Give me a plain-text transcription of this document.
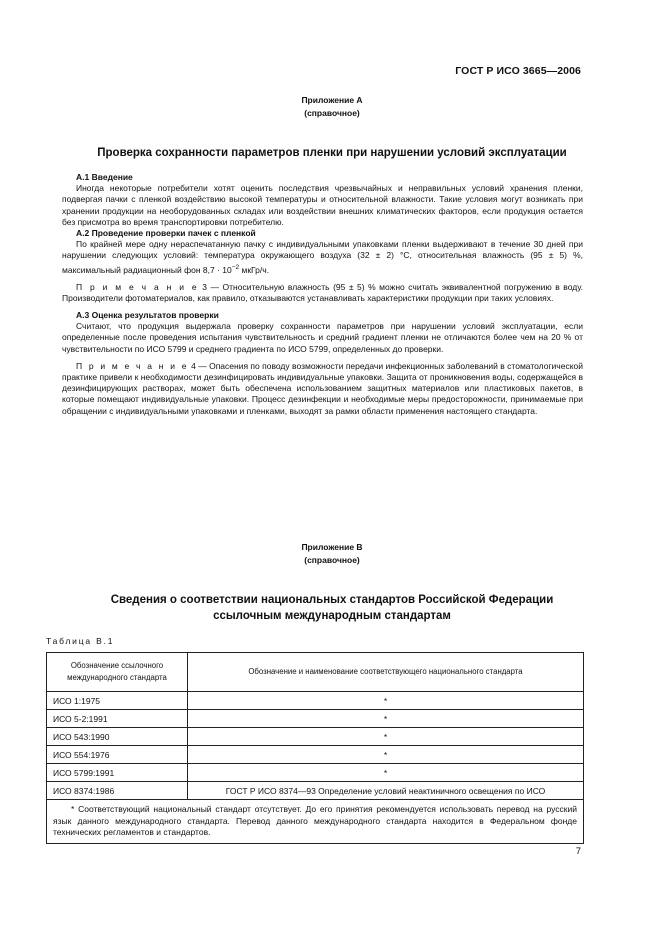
ГОСТ Р ИСО 3665—2006
Приложение А
(справочное)
Проверка сохранности параметров пленки при нарушении условий эксплуатации
А.1 Введение

Иногда некоторые потребители хотят оценить последствия чрезвычайных и неправильных условий хранения пленки, подвергая пачки с пленкой воздействию высокой температуры и относительной влажности. Такие условия могут возникать при хранении продукции на необорудованных складах или воздействии внешних климатических факторов, если продукция остается без присмотра во время транспортировки потребителю.

А.2 Проведение проверки пачек с пленкой

По крайней мере одну нераспечатанную пачку с индивидуальными упаковками пленки выдерживают в течение 30 дней при нарушении следующих условий: температура окружающего воздуха (32 ± 2) °С, относительная влажность (95 ± 5) %, максимальный радиационный фон $8,7 \cdot 10^{-2}$ мкГр/ч.

П р и м е ч а н и е 3 — Относительную влажность (95 ± 5) % можно считать эквивалентной погружению в воду. Производители фотоматериалов, как правило, отказываются устанавливать характеристики продукции при таких условиях.

А.3 Оценка результатов проверки

Считают, что продукция выдержала проверку сохранности параметров при нарушении условий эксплуатации, если определенные после проведения испытания чувствительность и средний градиент пленки не отличаются более чем на 20 % от чувствительности по ИСО 5799 и среднего градиента по ИСО 5799, определенных до проверки.

П р и м е ч а н и е 4 — Опасения по поводу возможности передачи инфекционных заболеваний в стоматологической практике привели к необходимости дезинфицировать индивидуальные упаковки. Защита от проникновения воды, содержащейся в дезинфицирующих растворах, может быть обеспечена использованием защитных материалов или пластиковых пакетов, в которые помещают индивидуальные упаковки. Процесс дезинфекции и необходимые меры предосторожности, принимаемые при обращении с индивидуальными упаковками и пленками, выходят за рамки области применения настоящего стандарта.

Приложение В
(справочное)
Сведения о соответствии национальных стандартов Российской Федерации
ссылочным международным стандартам
Таблица В.1
Обозначение ссылочного международного стандарта	Обозначение и наименование соответствующего национального стандарта
ИСО 1:1975	*
ИСО 5-2:1991	*
ИСО 543:1990	*
ИСО 554:1976	*
ИСО 5799:1991	*
ИСО 8374:1986	ГОСТ Р ИСО 8374—93 Определение условий неактиничного освещения по ИСО
* Соответствующий национальный стандарт отсутствует. До его принятия рекомендуется использовать перевод на русский язык данного международного стандарта. Перевод данного международного стандарта находится в Федеральном фонде технических регламентов и стандартов.	
7
